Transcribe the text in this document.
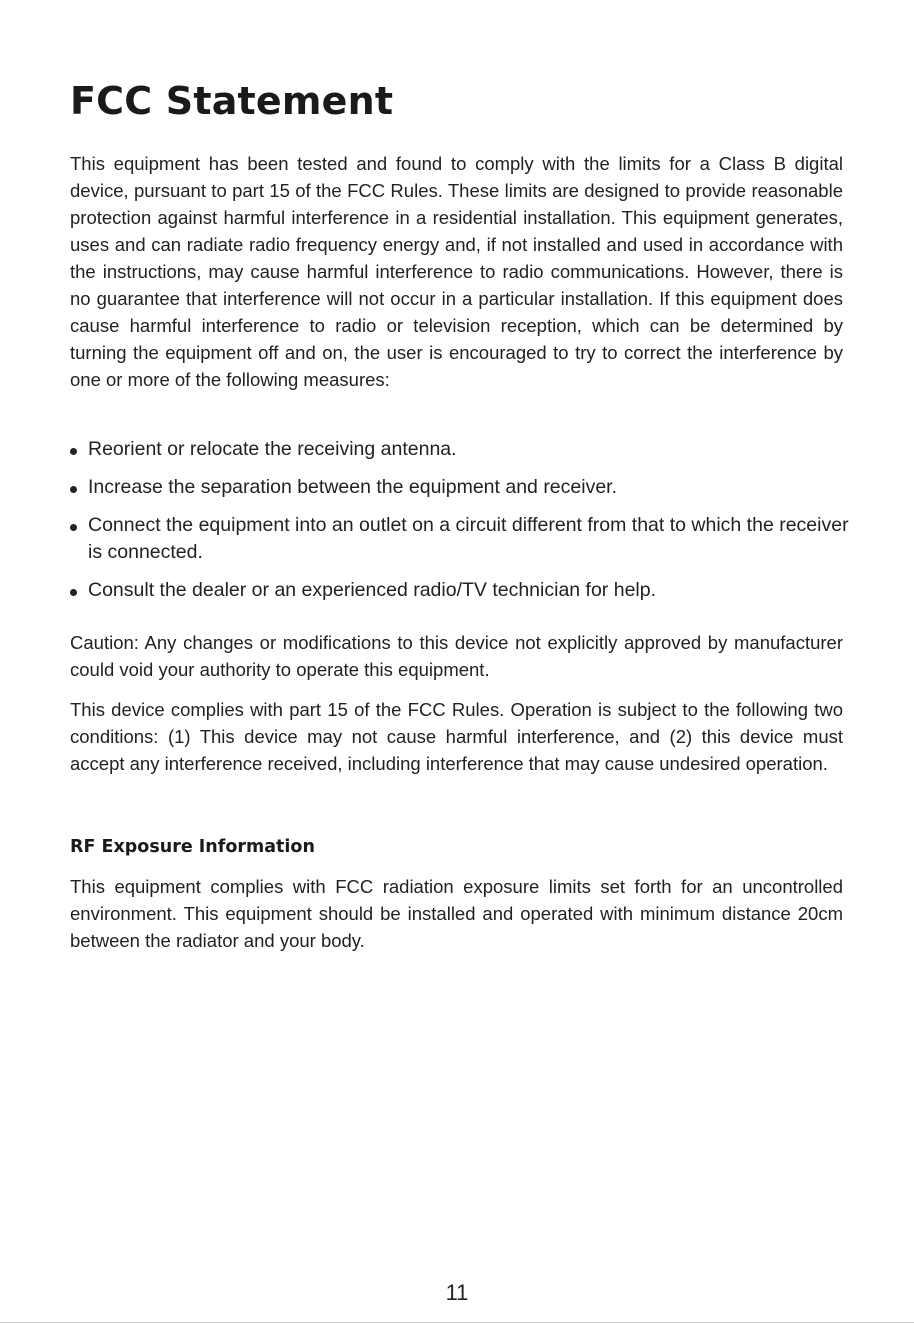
FCC Statement

This equipment has been tested and found to comply with the limits for a Class B digital device, pursuant to part 15 of the FCC Rules. These limits are designed to provide reasonable protection against harmful interference in a residential installation. This equipment generates, uses and can radiate radio frequency energy and, if not installed and used in accordance with the instructions, may cause harmful interference to radio communications. However, there is no guarantee that interference will not occur in a particular installation. If this equipment does cause harmful interference to radio or television reception, which can be determined by turning the equipment off and on, the user is encouraged to try to correct the interference by one or more of the following measures:

Reorient or relocate the receiving antenna.
Increase the separation between the equipment and receiver.
Connect the equipment into an outlet on a circuit different from that to which the receiver is connected.
Consult the dealer or an experienced radio/TV technician for help.

Caution: Any changes or modifications to this device not explicitly approved by manufacturer could void your authority to operate this equipment.

This device complies with part 15 of the FCC Rules. Operation is subject to the following two conditions: (1) This device may not cause harmful interference, and (2) this device must accept any interference received, including interference that may cause undesired operation.

RF Exposure Information

This equipment complies with FCC radiation exposure limits set forth for an uncontrolled environment. This equipment should be installed and operated with minimum distance 20cm between the radiator and your body.

11
